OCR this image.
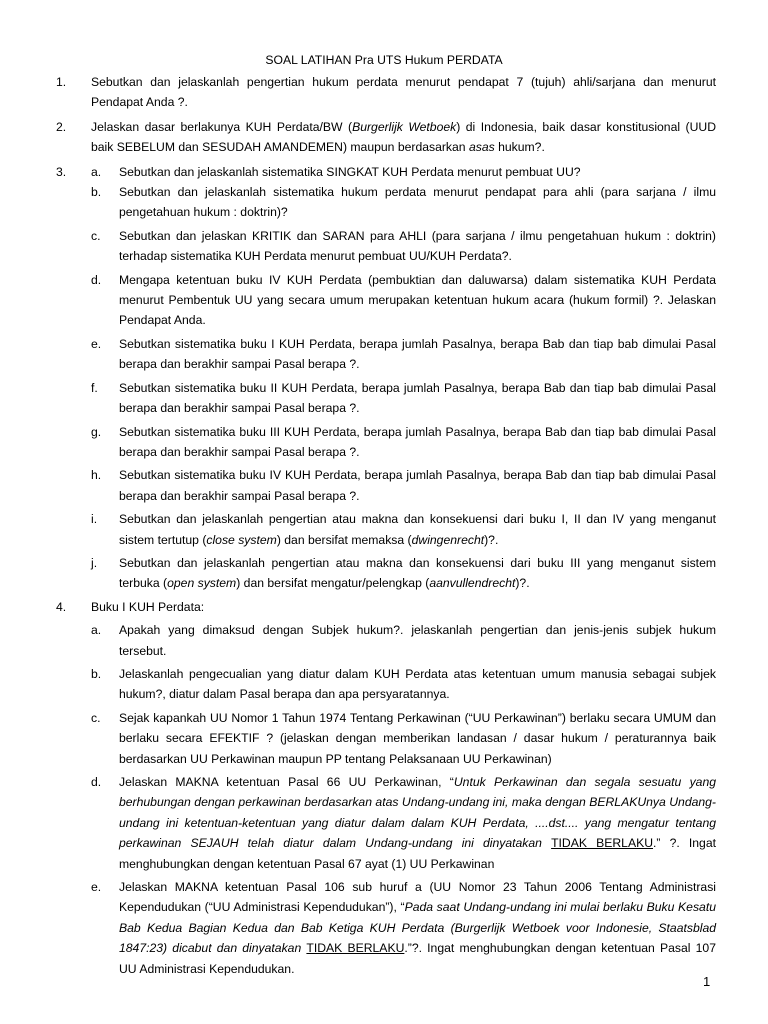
SOAL LATIHAN Pra UTS Hukum PERDATA
1.	Sebutkan dan jelaskanlah pengertian hukum perdata menurut pendapat 7 (tujuh) ahli/sarjana dan menurut Pendapat Anda ?.
2.	Jelaskan dasar berlakunya KUH Perdata/BW (Burgerlijk Wetboek) di Indonesia, baik dasar konstitusional (UUD baik SEBELUM dan SESUDAH AMANDEMEN) maupun berdasarkan asas hukum?.
3.	a.	Sebutkan dan jelaskanlah sistematika SINGKAT KUH Perdata menurut pembuat UU?
b.	Sebutkan dan jelaskanlah sistematika hukum perdata menurut pendapat para ahli (para sarjana / ilmu pengetahuan hukum : doktrin)?
c.	Sebutkan dan jelaskan KRITIK dan SARAN para AHLI (para sarjana / ilmu pengetahuan hukum : doktrin) terhadap sistematika KUH Perdata menurut pembuat UU/KUH Perdata?.
d.	Mengapa ketentuan buku IV KUH Perdata (pembuktian dan daluwarsa) dalam sistematika KUH Perdata menurut Pembentuk UU yang secara umum merupakan ketentuan hukum acara (hukum formil) ?. Jelaskan Pendapat Anda.
e.	Sebutkan sistematika buku I KUH Perdata, berapa jumlah Pasalnya, berapa Bab dan tiap bab dimulai Pasal berapa dan berakhir sampai Pasal berapa ?.
f.	Sebutkan sistematika buku II KUH Perdata, berapa jumlah Pasalnya, berapa Bab dan tiap bab dimulai Pasal berapa dan berakhir sampai Pasal berapa ?.
g.	Sebutkan sistematika buku III KUH Perdata, berapa jumlah Pasalnya, berapa Bab dan tiap bab dimulai Pasal berapa dan berakhir sampai Pasal berapa ?.
h.	Sebutkan sistematika buku IV KUH Perdata, berapa jumlah Pasalnya, berapa Bab dan tiap bab dimulai Pasal berapa dan berakhir sampai Pasal berapa ?.
i.	Sebutkan dan jelaskanlah pengertian atau makna dan konsekuensi dari buku I, II dan IV yang menganut sistem tertutup (close system) dan bersifat memaksa (dwingenrecht)?.
j.	Sebutkan dan jelaskanlah pengertian atau makna dan konsekuensi dari buku III yang menganut sistem terbuka (open system) dan bersifat mengatur/pelengkap (aanvullendrecht)?.
4.	Buku I KUH Perdata:
a.	Apakah yang dimaksud dengan Subjek hukum?. jelaskanlah pengertian dan jenis-jenis subjek hukum tersebut.
b.	Jelaskanlah pengecualian yang diatur dalam KUH Perdata atas ketentuan umum manusia sebagai subjek hukum?, diatur dalam Pasal berapa dan apa persyaratannya.
c.	Sejak kapankah UU Nomor 1 Tahun 1974 Tentang Perkawinan (“UU Perkawinan”) berlaku secara UMUM dan berlaku secara EFEKTIF ? (jelaskan dengan memberikan landasan / dasar hukum / peraturannya baik berdasarkan UU Perkawinan maupun PP tentang Pelaksanaan UU Perkawinan)
d.	Jelaskan MAKNA ketentuan Pasal 66 UU Perkawinan, “Untuk Perkawinan dan segala sesuatu yang berhubungan dengan perkawinan berdasarkan atas Undang-undang ini, maka dengan BERLAKUnya Undang-undang ini ketentuan-ketentuan yang diatur dalam dalam KUH Perdata, ....dst.... yang mengatur tentang perkawinan SEJAUH telah diatur dalam Undang-undang ini dinyatakan TIDAK BERLAKU.” ?. Ingat menghubungkan dengan ketentuan Pasal 67 ayat (1) UU Perkawinan
e.	Jelaskan MAKNA ketentuan Pasal 106 sub huruf a (UU Nomor 23 Tahun 2006 Tentang Administrasi Kependudukan (“UU Administrasi Kependudukan”), “Pada saat Undang-undang ini mulai berlaku Buku Kesatu Bab Kedua Bagian Kedua dan Bab Ketiga KUH Perdata (Burgerlijk Wetboek voor Indonesie, Staatsblad 1847:23) dicabut dan dinyatakan TIDAK BERLAKU.”?. Ingat menghubungkan dengan ketentuan Pasal 107 UU Administrasi Kependudukan.
1
